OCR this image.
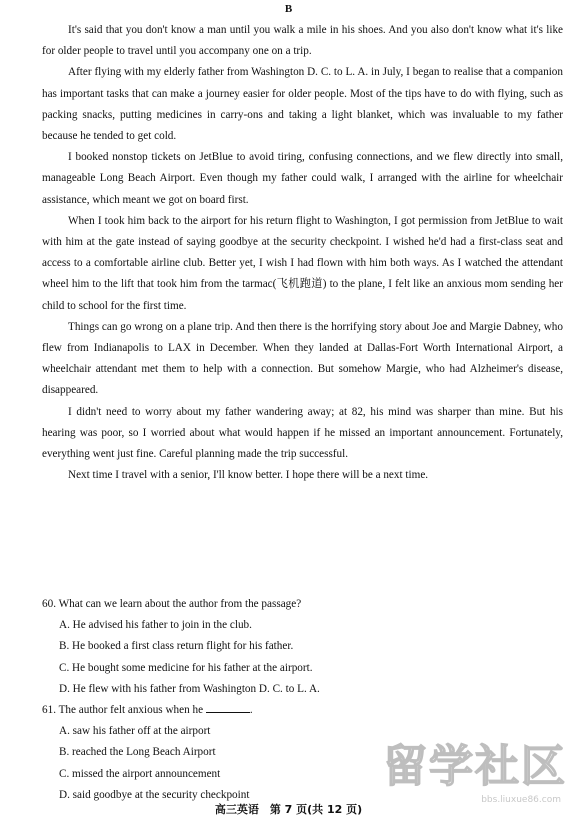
B

It's said that you don't know a man until you walk a mile in his shoes. And you also don't know what it's like for older people to travel until you accompany one on a trip.

After flying with my elderly father from Washington D. C. to L. A. in July, I began to realise that a companion has important tasks that can make a journey easier for older people. Most of the tips have to do with flying, such as packing snacks, putting medicines in carry-ons and taking a light blanket, which was invaluable to my father because he tended to get cold.

I booked nonstop tickets on JetBlue to avoid tiring, confusing connections, and we flew directly into small, manageable Long Beach Airport. Even though my father could walk, I arranged with the airline for wheelchair assistance, which meant we got on board first.

When I took him back to the airport for his return flight to Washington, I got permission from JetBlue to wait with him at the gate instead of saying goodbye at the security checkpoint. I wished he'd had a first-class seat and access to a comfortable airline club. Better yet, I wish I had flown with him both ways. As I watched the attendant wheel him to the lift that took him from the tarmac(飞机跑道) to the plane, I felt like an anxious mom sending her child to school for the first time.

Things can go wrong on a plane trip. And then there is the horrifying story about Joe and Margie Dabney, who flew from Indianapolis to LAX in December. When they landed at Dallas-Fort Worth International Airport, a wheelchair attendant met them to help with a connection. But somehow Margie, who had Alzheimer's disease, disappeared.

I didn't need to worry about my father wandering away; at 82, his mind was sharper than mine. But his hearing was poor, so I worried about what would happen if he missed an important announcement. Fortunately, everything went just fine. Careful planning made the trip successful.

Next time I travel with a senior, I'll know better. I hope there will be a next time.

60. What can we learn about the author from the passage?

A. He advised his father to join in the club.

B. He booked a first class return flight for his father.

C. He bought some medicine for his father at the airport.

D. He flew with his father from Washington D. C. to L. A.

61. The author felt anxious when he	.

A. saw his father off at the airport

B. reached the Long Beach Airport

C. missed the airport announcement

D. said goodbye at the security checkpoint

留学社区
bbs.liuxue86.com
高三英语　第 7 页(共 12 页)
